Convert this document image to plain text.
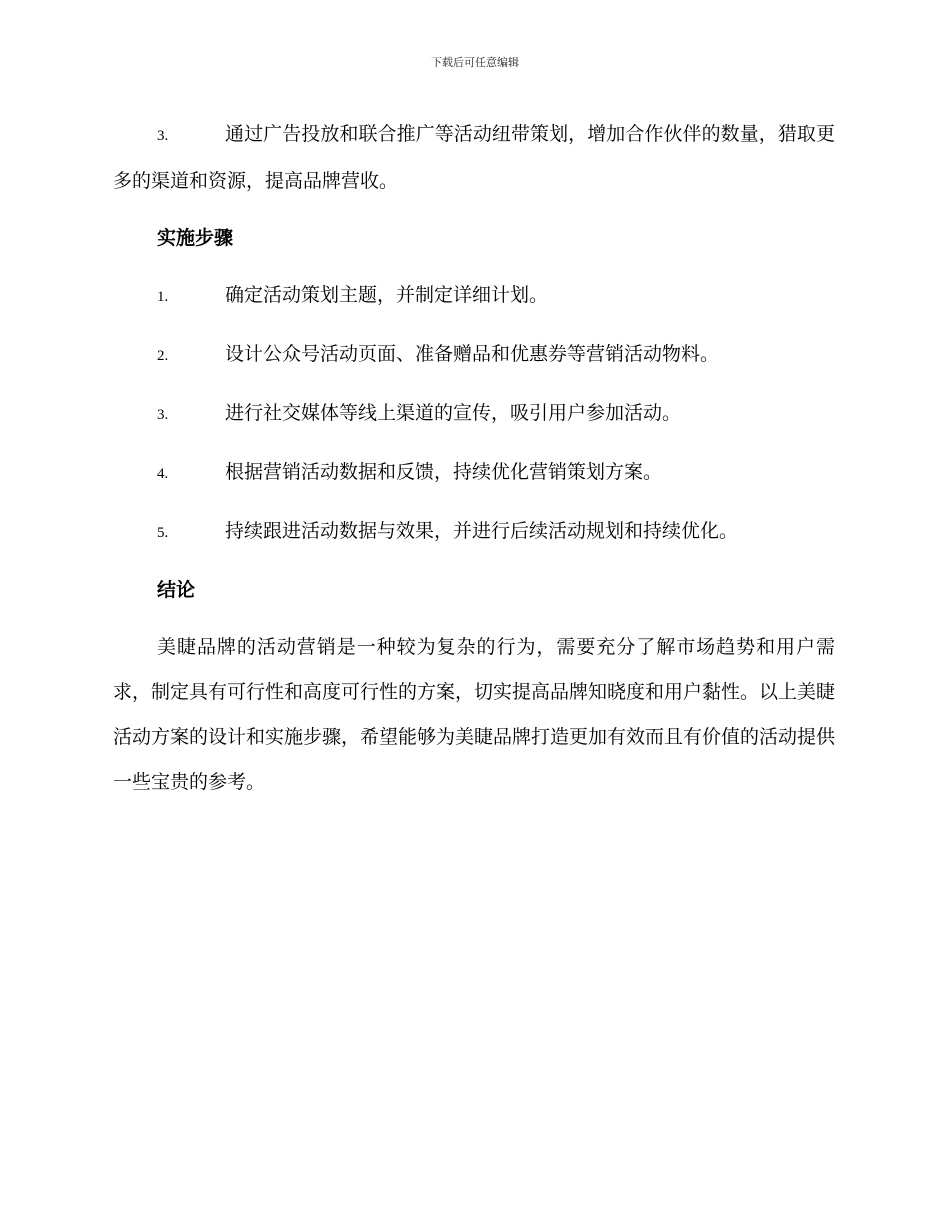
下载后可任意编辑
3.	通过广告投放和联合推广等活动纽带策划，增加合作伙伴的数量，猎取更多的渠道和资源，提高品牌营收。
实施步骤
1.	确定活动策划主题，并制定详细计划。
2.	设计公众号活动页面、准备赠品和优惠券等营销活动物料。
3.	进行社交媒体等线上渠道的宣传，吸引用户参加活动。
4.	根据营销活动数据和反馈，持续优化营销策划方案。
5.	持续跟进活动数据与效果，并进行后续活动规划和持续优化。
结论
美睫品牌的活动营销是一种较为复杂的行为，需要充分了解市场趋势和用户需求，制定具有可行性和高度可行性的方案，切实提高品牌知晓度和用户黏性。以上美睫活动方案的设计和实施步骤，希望能够为美睫品牌打造更加有效而且有价值的活动提供一些宝贵的参考。
